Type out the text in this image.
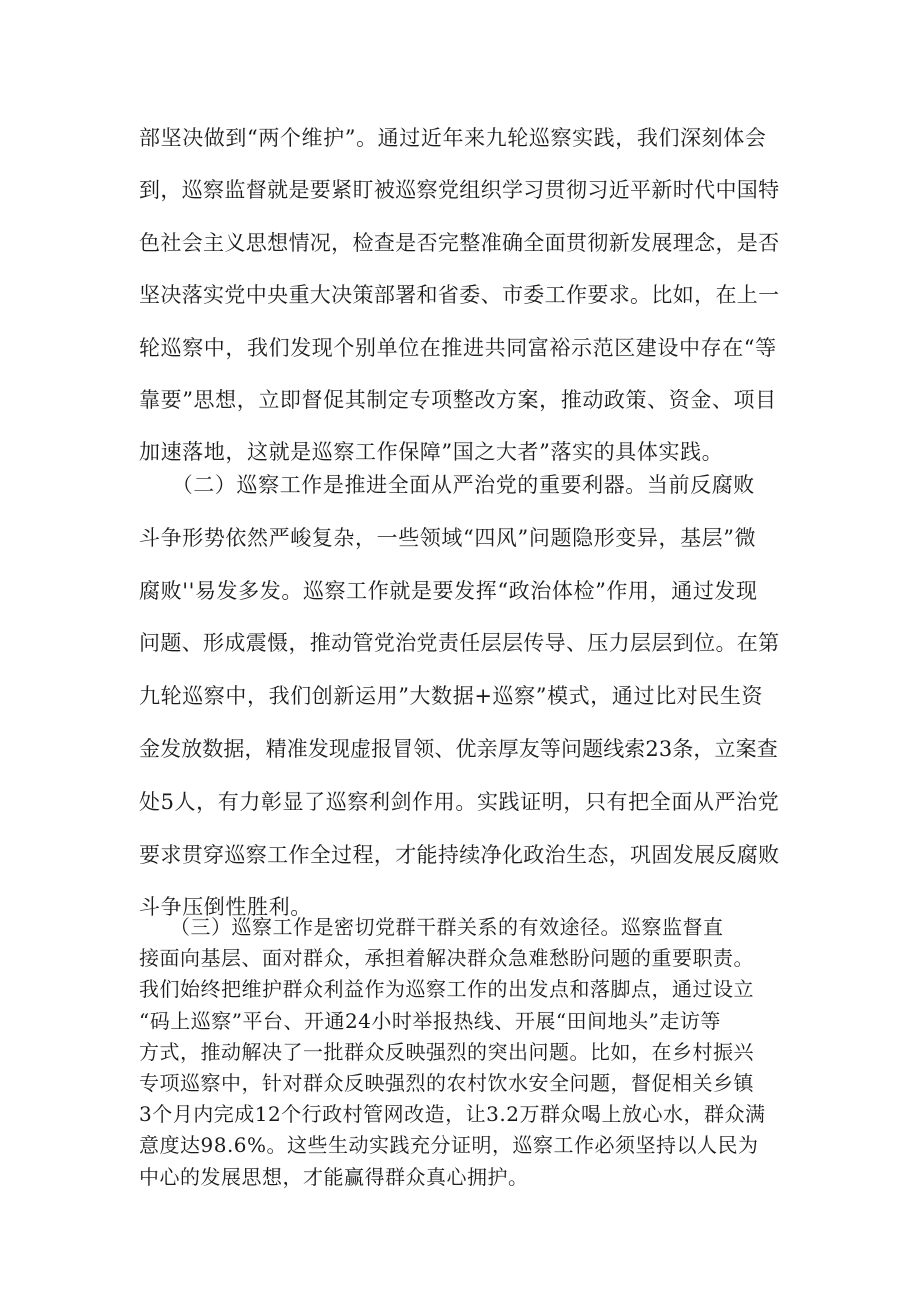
部坚决做到“两个维护”。通过近年来九轮巡察实践，我们深刻体会
到，巡察监督就是要紧盯被巡察党组织学习贯彻习近平新时代中国特
色社会主义思想情况，检查是否完整准确全面贯彻新发展理念，是否
坚决落实党中央重大决策部署和省委、市委工作要求。比如，在上一
轮巡察中，我们发现个别单位在推进共同富裕示范区建设中存在“等
靠要”思想，立即督促其制定专项整改方案，推动政策、资金、项目
加速落地，这就是巡察工作保障”国之大者”落实的具体实践。
　　（二）巡察工作是推进全面从严治党的重要利器。当前反腐败
斗争形势依然严峻复杂，一些领域“四风”问题隐形变异，基层”微
腐败''易发多发。巡察工作就是要发挥“政治体检”作用，通过发现
问题、形成震慑，推动管党治党责任层层传导、压力层层到位。在第
九轮巡察中，我们创新运用”大数据+巡察”模式，通过比对民生资
金发放数据，精准发现虚报冒领、优亲厚友等问题线索23条，立案查
处5人，有力彰显了巡察利剑作用。实践证明，只有把全面从严治党
要求贯穿巡察工作全过程，才能持续净化政治生态，巩固发展反腐败
斗争压倒性胜利。
　　（三）巡察工作是密切党群干群关系的有效途径。巡察监督直
接面向基层、面对群众，承担着解决群众急难愁盼问题的重要职责。
我们始终把维护群众利益作为巡察工作的出发点和落脚点，通过设立
“码上巡察”平台、开通24小时举报热线、开展“田间地头”走访等
方式，推动解决了一批群众反映强烈的突出问题。比如，在乡村振兴
专项巡察中，针对群众反映强烈的农村饮水安全问题，督促相关乡镇
3个月内完成12个行政村管网改造，让3.2万群众喝上放心水，群众满
意度达98.6%。这些生动实践充分证明，巡察工作必须坚持以人民为
中心的发展思想，才能赢得群众真心拥护。
